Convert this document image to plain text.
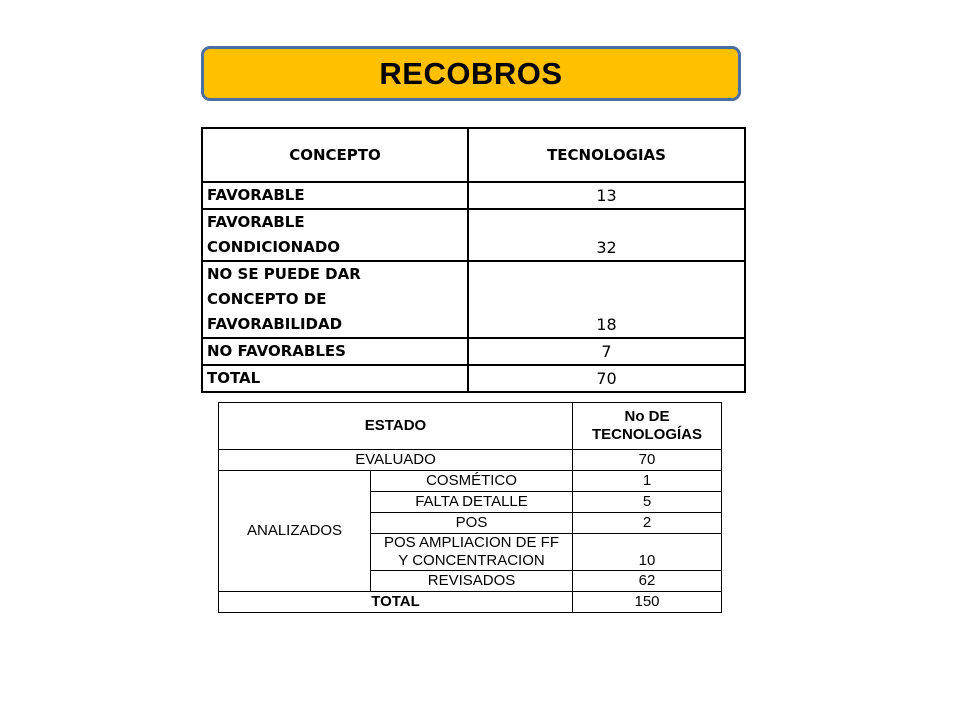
RECOBROS
CONCEPTO	TECNOLOGIAS
FAVORABLE	13
FAVORABLE
CONDICIONADO	32
NO SE PUEDE DAR
CONCEPTO DE
FAVORABILIDAD	18
NO FAVORABLES	7
TOTAL	70
ESTADO		No DE
TECNOLOGÍAS
EVALUADO		70
ANALIZADOS	COSMÉTICO	1
	FALTA DETALLE	5
	POS	2
	POS AMPLIACION DE FF
Y CONCENTRACION	10
	REVISADOS	62
TOTAL		150
